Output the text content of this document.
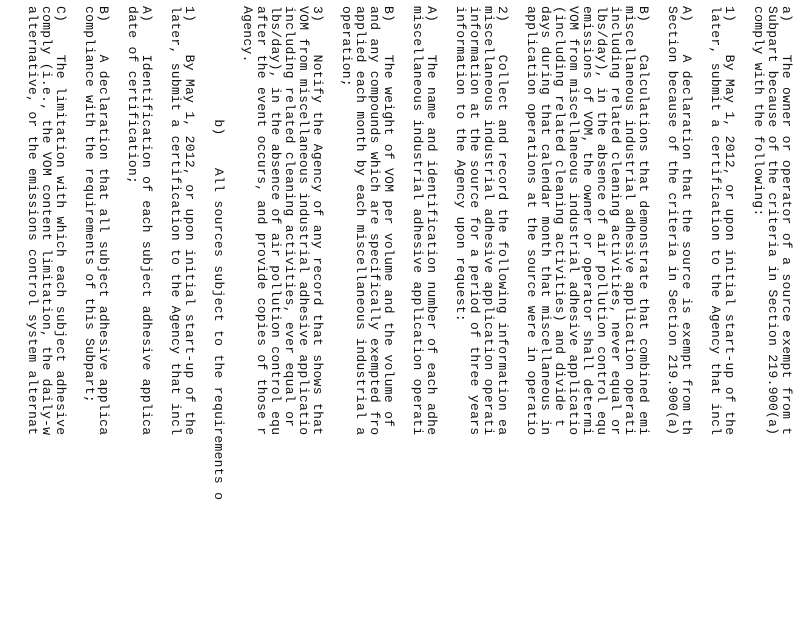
a)    The owner or operator of a source exempt from t
Subpart because of the criteria in Section 219.900(a)
comply with the following:
1)    By May 1, 2012, or upon initial start-up of the
later, submit a certification to the Agency that incl
A)    A declaration that the source is exempt from th
Section because of the criteria in Section 219.900(a)
B)    Calculations that demonstrate that combined emi
miscellaneous industrial adhesive application operati
including related cleaning activities, never equal or
lbs/day), in the absence of air pollution control equ
emissions of VOM, the owner or operator shall determi
VOM from miscellaneous industrial adhesive applicatio
(including related cleaning activities) and divide t
days during that calendar month that miscellaneous in
application operations at the source were in operatio
2)    Collect and record the following information ea
miscellaneous industrial adhesive application operati
information at the source for a period of three years
information to the Agency upon request:
A)    The name and identification number of each adhe
miscellaneous industrial adhesive application operati
B)    The weight of VOM per volume and the volume of
and any compounds which are specifically exempted fro
applied each month by each miscellaneous industrial a
operation;
3)    Notify the Agency of any record that shows that
VOM from miscellaneous industrial adhesive applicatio
including related cleaning activities, ever equal or
lbs/day), in the absence of air pollution control equ
after the event occurs, and provide copies of those r
Agency.
b)    All sources subject to the requirements o
1)    By May 1, 2012, or upon initial start-up of the
later, submit a certification to the Agency that incl
A)    Identification of each subject adhesive applica
date of certification;
B)    A declaration that all subject adhesive applica
compliance with the requirements of this Subpart;
C)    The limitation with which each subject adhesive
comply (i.e., the VOM content limitation, the daily-w
alternative, or the emissions control system alternat
